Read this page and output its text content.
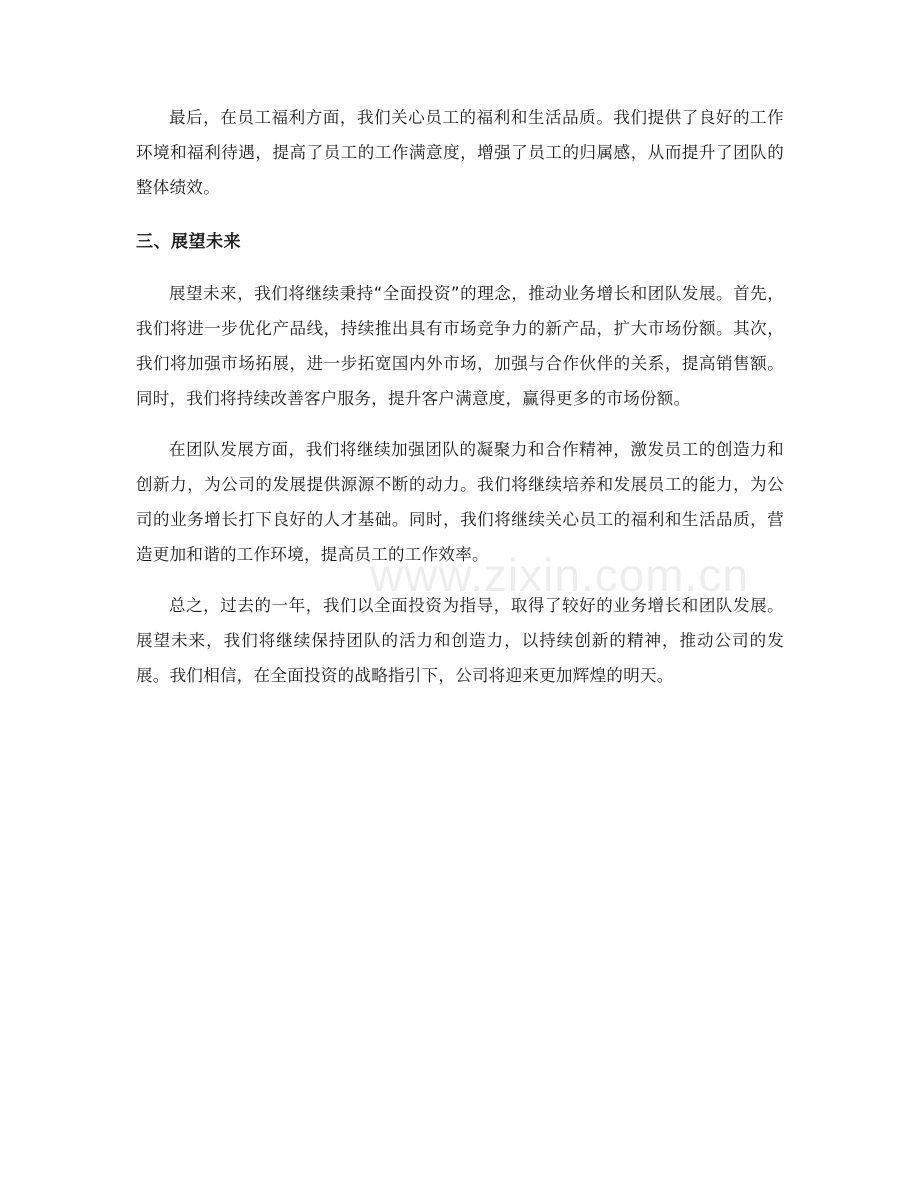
最后，在员工福利方面，我们关心员工的福利和生活品质。我们提供了良好的工作环境和福利待遇，提高了员工的工作满意度，增强了员工的归属感，从而提升了团队的整体绩效。

三、展望未来

展望未来，我们将继续秉持“全面投资”的理念，推动业务增长和团队发展。首先，我们将进一步优化产品线，持续推出具有市场竞争力的新产品，扩大市场份额。其次，我们将加强市场拓展，进一步拓宽国内外市场，加强与合作伙伴的关系，提高销售额。同时，我们将持续改善客户服务，提升客户满意度，赢得更多的市场份额。

在团队发展方面，我们将继续加强团队的凝聚力和合作精神，激发员工的创造力和创新力，为公司的发展提供源源不断的动力。我们将继续培养和发展员工的能力，为公司的业务增长打下良好的人才基础。同时，我们将继续关心员工的福利和生活品质，营造更加和谐的工作环境，提高员工的工作效率。

总之，过去的一年，我们以全面投资为指导，取得了较好的业务增长和团队发展。展望未来，我们将继续保持团队的活力和创造力，以持续创新的精神，推动公司的发展。我们相信，在全面投资的战略指引下，公司将迎来更加辉煌的明天。

www.zixin.com.cn
